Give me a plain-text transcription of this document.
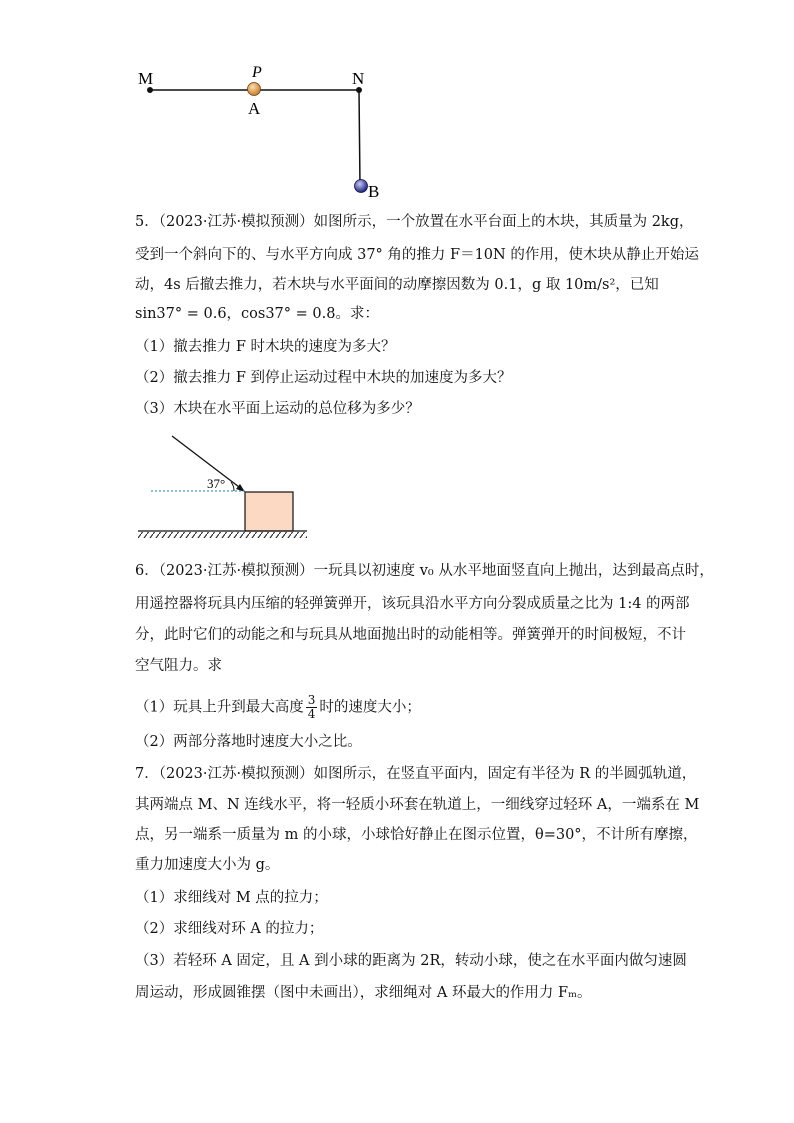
M	P
A
N
B
5．（2023·江苏·模拟预测）如图所示，一个放置在水平台面上的木块，其质量为 2kg，
受到一个斜向下的、与水平方向成 37° 角的推力 F＝10N 的作用，使木块从静止开始运
动，4s 后撤去推力，若木块与水平面间的动摩擦因数为 0.1，g 取 10m/s²，已知
sin37° = 0.6，cos37° = 0.8。求：
（1）撤去推力 F 时木块的速度为多大？
（2）撤去推力 F 到停止运动过程中木块的加速度为多大？
（3）木块在水平面上运动的总位移为多少？
37°
6．（2023·江苏·模拟预测）一玩具以初速度 v₀ 从水平地面竖直向上抛出，达到最高点时，
用遥控器将玩具内压缩的轻弹簧弹开，该玩具沿水平方向分裂成质量之比为 1:4 的两部
分，此时它们的动能之和与玩具从地面抛出时的动能相等。弹簧弹开的时间极短，不计
空气阻力。求
（1）玩具上升到最大高度 $\frac{3}{4}$ 时的速度大小；
（2）两部分落地时速度大小之比。
7．（2023·江苏·模拟预测）如图所示，在竖直平面内，固定有半径为 R 的半圆弧轨道，
其两端点 M、N 连线水平，将一轻质小环套在轨道上，一细线穿过轻环 A，一端系在 M
点，另一端系一质量为 m 的小球，小球恰好静止在图示位置，θ=30°，不计所有摩擦，
重力加速度大小为 g。
（1）求细线对 M 点的拉力；
（2）求细线对环 A 的拉力；
（3）若轻环 A 固定，且 A 到小球的距离为 2R，转动小球，使之在水平面内做匀速圆
周运动，形成圆锥摆（图中未画出），求细绳对 A 环最大的作用力 Fₘ。
